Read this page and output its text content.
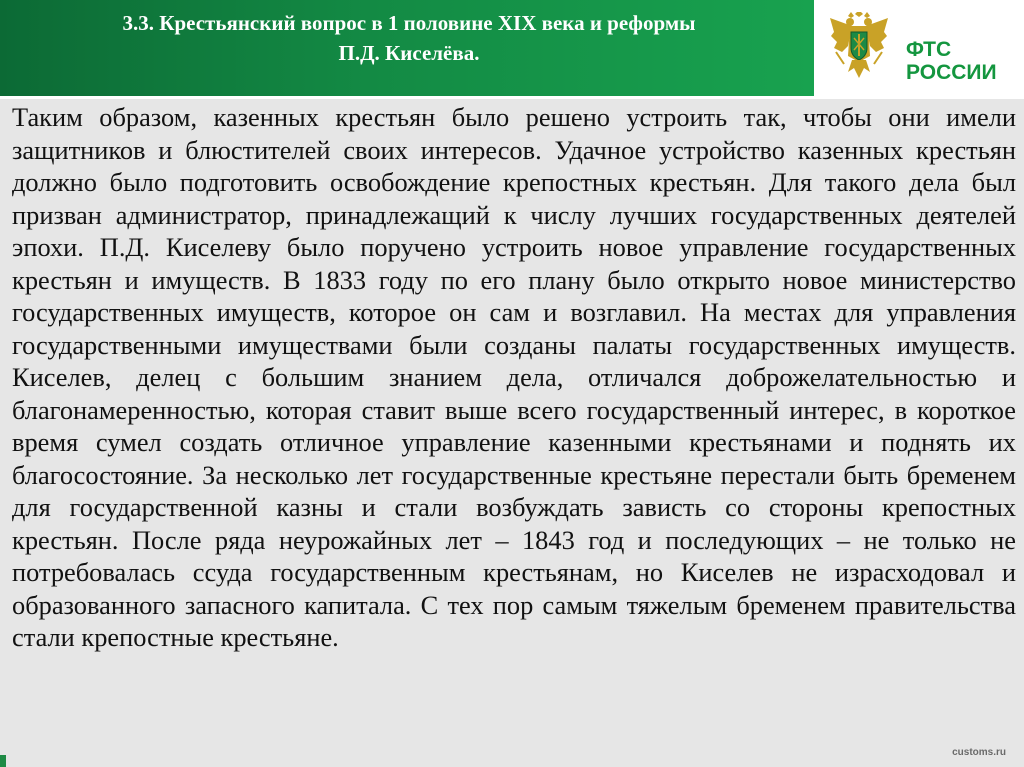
3.3. Крестьянский вопрос в 1 половине XIX века и реформы
П.Д. Киселёва.	ФТС
РОССИИ

Таким образом, казенных крестьян было решено устроить так, чтобы они имели защитников и блюстителей своих интересов. Удачное устройство казенных крестьян должно было подготовить освобождение крепостных крестьян. Для такого дела был призван администратор, принадлежащий к числу лучших государственных деятелей эпохи. П.Д. Киселеву было поручено устроить новое управление государственных крестьян и имуществ. В 1833 году по его плану было открыто новое министерство государственных имуществ, которое он сам и возглавил. На местах для управления государственными имуществами были созданы палаты государственных имуществ. Киселев, делец с большим знанием дела, отличался доброжелательностью и благонамеренностью, которая ставит выше всего государственный интерес, в короткое время сумел создать отличное управление казенными крестьянами и поднять их благосостояние. За несколько лет государственные крестьяне перестали быть бременем для государственной казны и стали возбуждать зависть со стороны крепостных крестьян. После ряда неурожайных лет – 1843 год и последующих – не только не потребовалась ссуда государственным крестьянам, но Киселев не израсходовал и образованного запасного капитала. С тех пор самым тяжелым бременем правительства стали крепостные крестьяне.

customs.ru
